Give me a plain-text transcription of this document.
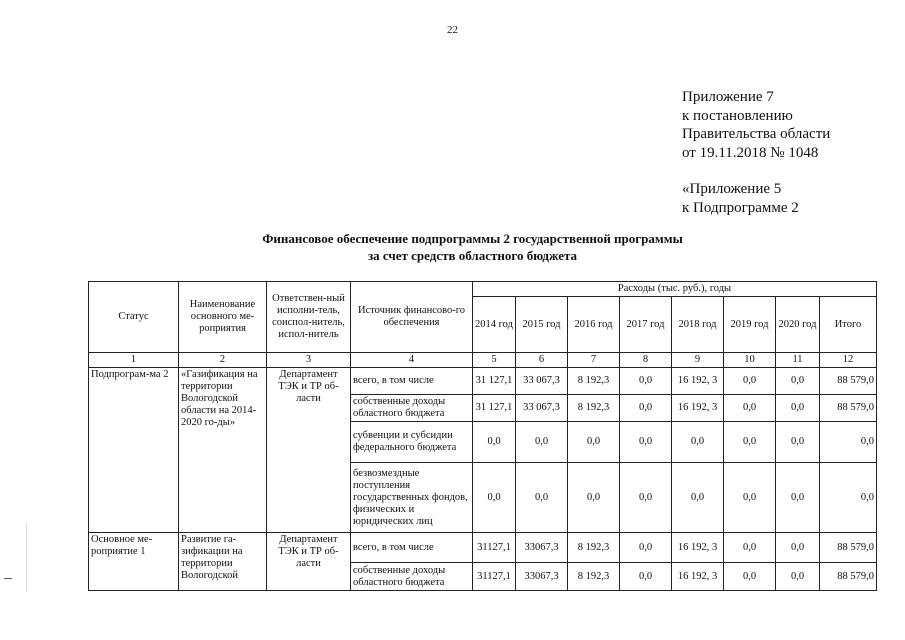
22
Приложение 7
к постановлению
Правительства области
от 19.11.2018 № 1048
«Приложение 5
к Подпрограмме 2
Финансовое обеспечение подпрограммы 2 государственной программы
за счет средств областного бюджета
Статус	Наименование основного ме-роприятия	Ответствен-ный исполни-тель, соиспол-нитель, испол-нитель	Источник финансово-го обеспечения	Расходы (тыс. руб.), годы							
				2014 год	2015 год	2016 год	2017 год	2018 год	2019 год	2020 год	Итого
1	2	3	4	5	6	7	8	9	10	11	12
Подпрограм-ма 2	«Газификация на территории Вологодской области на 2014-2020 го-ды»	Департамент ТЭК и ТР об-ласти	всего, в том числе	31 127,1	33 067,3	8 192,3	0,0	16 192, 3	0,0	0,0	88 579,0
			собственные доходы областного бюджета	31 127,1	33 067,3	8 192,3	0,0	16 192, 3	0,0	0,0	88 579,0
			субвенции и субсидии федерального бюджета	0,0	0,0	0,0	0,0	0,0	0,0	0,0	0,0
			безвозмездные поступления государственных фондов, физических и юридических лиц	0,0	0,0	0,0	0,0	0,0	0,0	0,0	0,0
Основное ме-роприятие 1	Развитие га-зификации на территории Вологодской	Департамент ТЭК и ТР об-ласти	всего, в том числе	31127,1	33067,3	8 192,3	0,0	16 192, 3	0,0	0,0	88 579,0
			собственные доходы областного бюджета	31127,1	33067,3	8 192,3	0,0	16 192, 3	0,0	0,0	88 579,0
